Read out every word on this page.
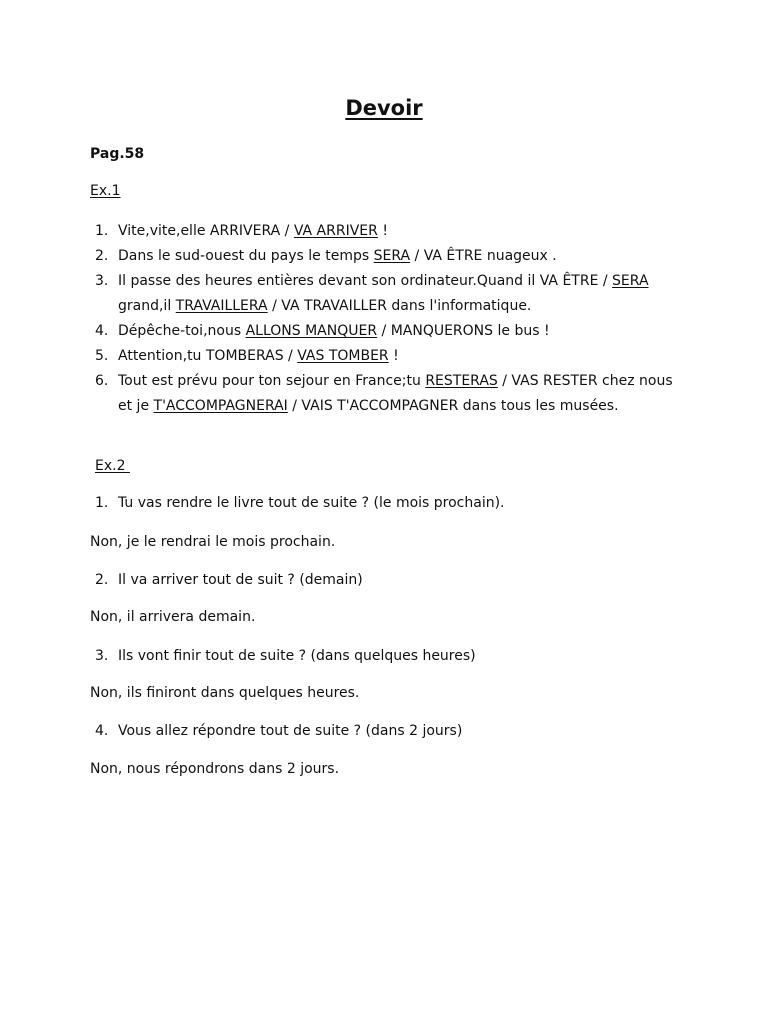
Devoir

Pag.58

Ex.1

1. Vite,vite,elle ARRIVERA / VA ARRIVER !
2. Dans le sud-ouest du pays le temps SERA / VA ÊTRE nuageux .
3. Il passe des heures entières devant son ordinateur.Quand il VA ÊTRE / SERA grand,il TRAVAILLERA / VA TRAVAILLER dans l'informatique.
4. Dépêche-toi,nous ALLONS MANQUER / MANQUERONS le bus !
5. Attention,tu TOMBERAS / VAS TOMBER !
6. Tout est prévu pour ton sejour en France;tu RESTERAS / VAS RESTER chez nous et je T'ACCOMPAGNERAI / VAIS T'ACCOMPAGNER dans tous les musées.

Ex.2

1. Tu vas rendre le livre tout de suite ? (le mois prochain).

Non, je le rendrai le mois prochain.

2. Il va arriver tout de suit ? (demain)

Non, il arrivera demain.

3. Ils vont finir tout de suite ? (dans quelques heures)

Non, ils finiront dans quelques heures.

4. Vous allez répondre tout de suite ? (dans 2 jours)

Non, nous répondrons dans 2 jours.
